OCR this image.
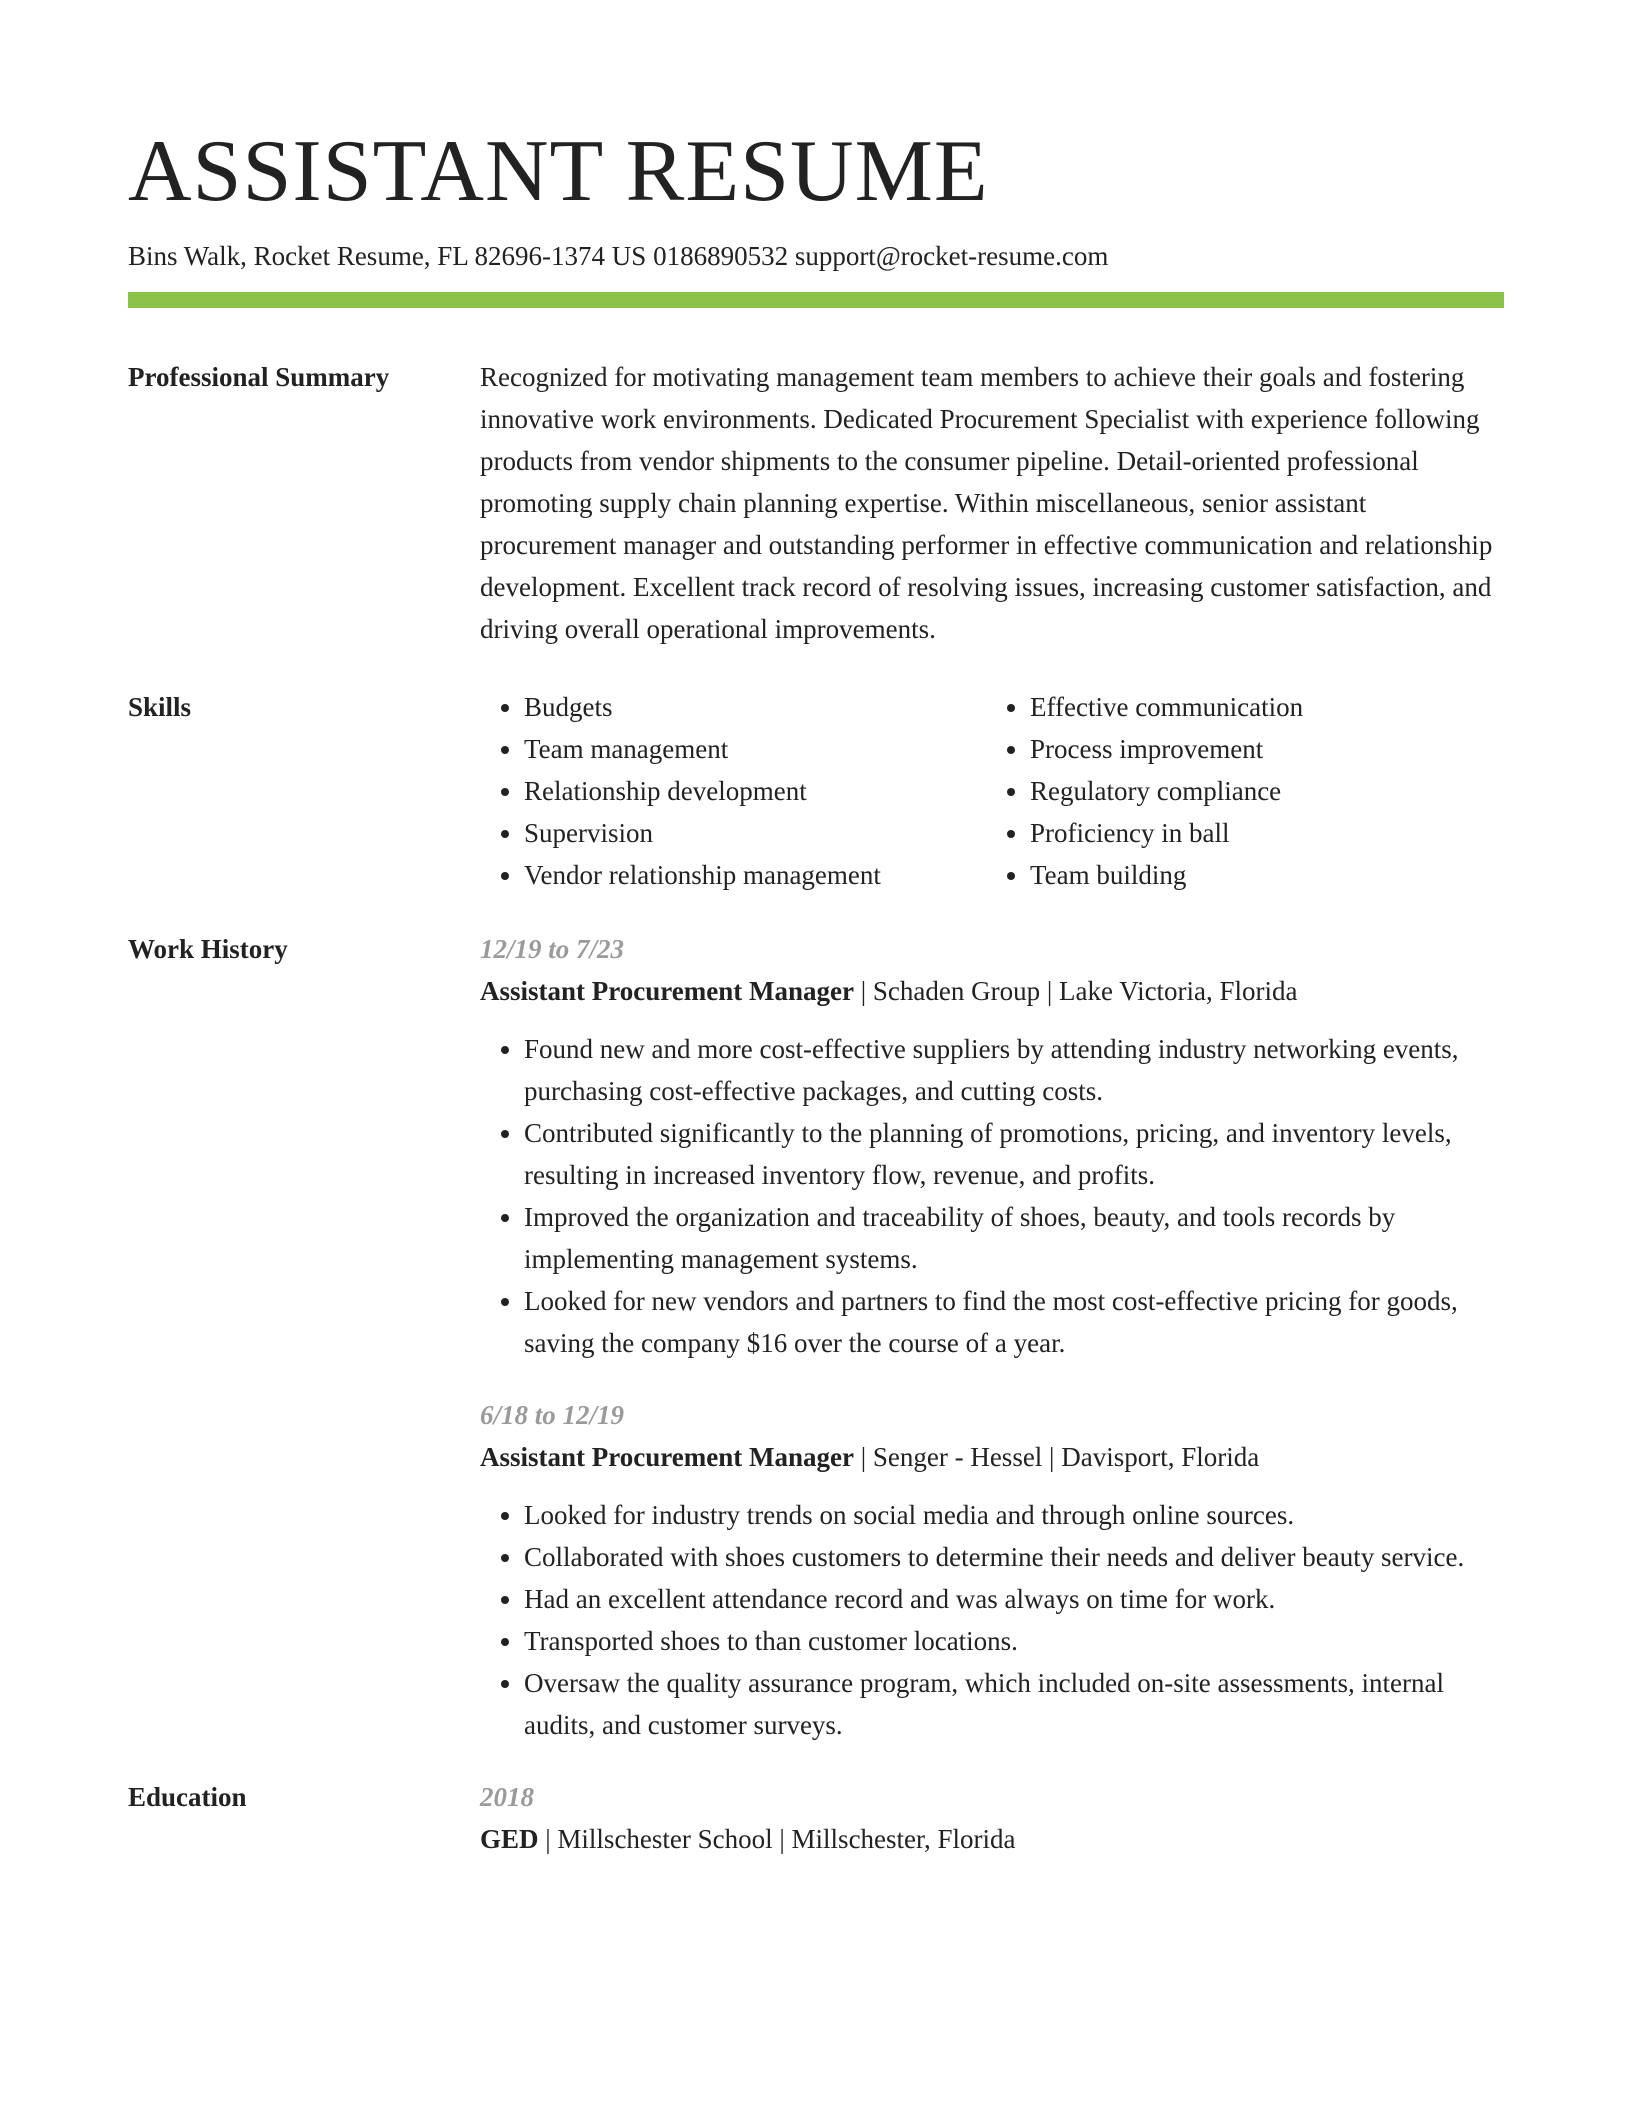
ASSISTANT RESUME
Bins Walk, Rocket Resume, FL 82696-1374 US 0186890532 support@rocket-resume.com
Professional Summary	Recognized for motivating management team members to achieve their goals and fostering innovative work environments. Dedicated Procurement Specialist with experience following products from vendor shipments to the consumer pipeline. Detail-oriented professional promoting supply chain planning expertise. Within miscellaneous, senior assistant procurement manager and outstanding performer in effective communication and relationship development. Excellent track record of resolving issues, increasing customer satisfaction, and driving overall operational improvements.

Skills
•	Budgets
• Team management
• Relationship development
• Supervision
• Vendor relationship management
• Effective communication
• Process improvement
• Regulatory compliance
• Proficiency in ball
• Team building
Work History	12/19 to 7/23
Assistant Procurement Manager | Schaden Group | Lake Victoria, Florida
• Found new and more cost-effective suppliers by attending industry networking events, purchasing cost-effective packages, and cutting costs.
• Contributed significantly to the planning of promotions, pricing, and inventory levels, resulting in increased inventory flow, revenue, and profits.
• Improved the organization and traceability of shoes, beauty, and tools records by implementing management systems.
• Looked for new vendors and partners to find the most cost-effective pricing for goods, saving the company $16 over the course of a year.
6/18 to 12/19
Assistant Procurement Manager | Senger - Hessel | Davisport, Florida
• Looked for industry trends on social media and through online sources.
• Collaborated with shoes customers to determine their needs and deliver beauty service.
• Had an excellent attendance record and was always on time for work.
• Transported shoes to than customer locations.
• Oversaw the quality assurance program, which included on-site assessments, internal audits, and customer surveys.
Education	2018
GED | Millschester School | Millschester, Florida
